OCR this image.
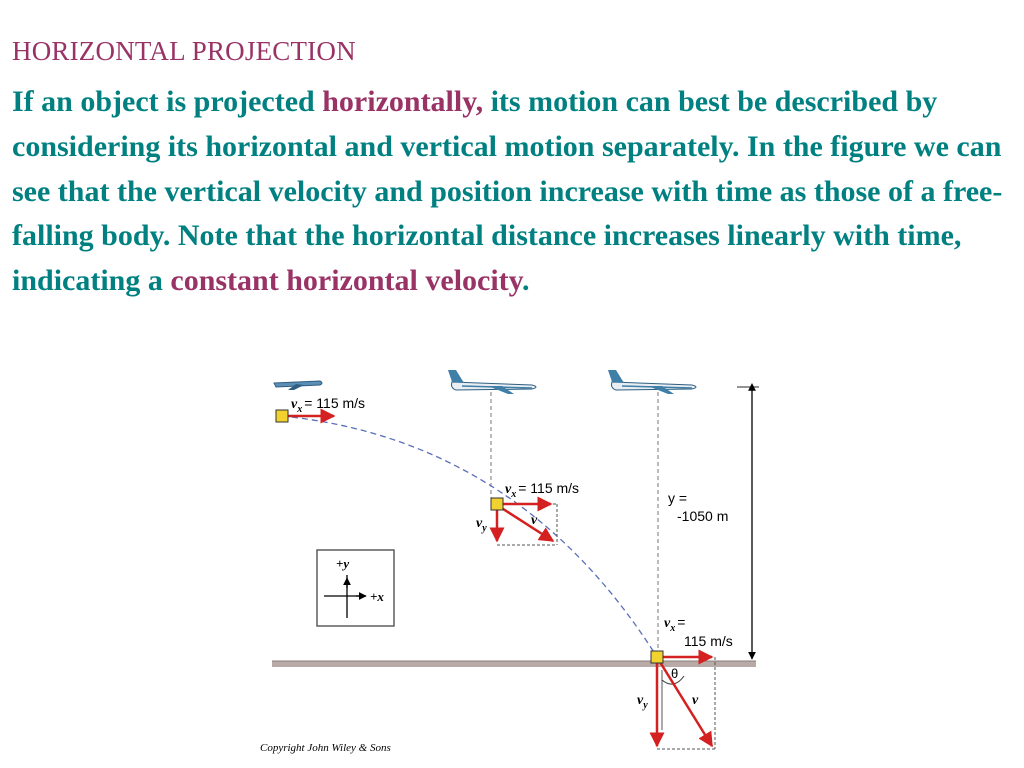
HORIZONTAL PROJECTION
If an object is projected horizontally, its motion can best be described by considering its horizontal and vertical motion separately. In the figure we can see that the vertical velocity and position increase with time as those of a free-falling body. Note that the horizontal distance increases linearly with time, indicating a constant horizontal velocity.
$v_x = 115$ m/s
$v_x = 115$ m/s
$v_y$
v
y =
-1050 m
$v_x$ =
115 m/s
θ
$v_y$	v
+y
+x
Copyright John Wiley & Sons
